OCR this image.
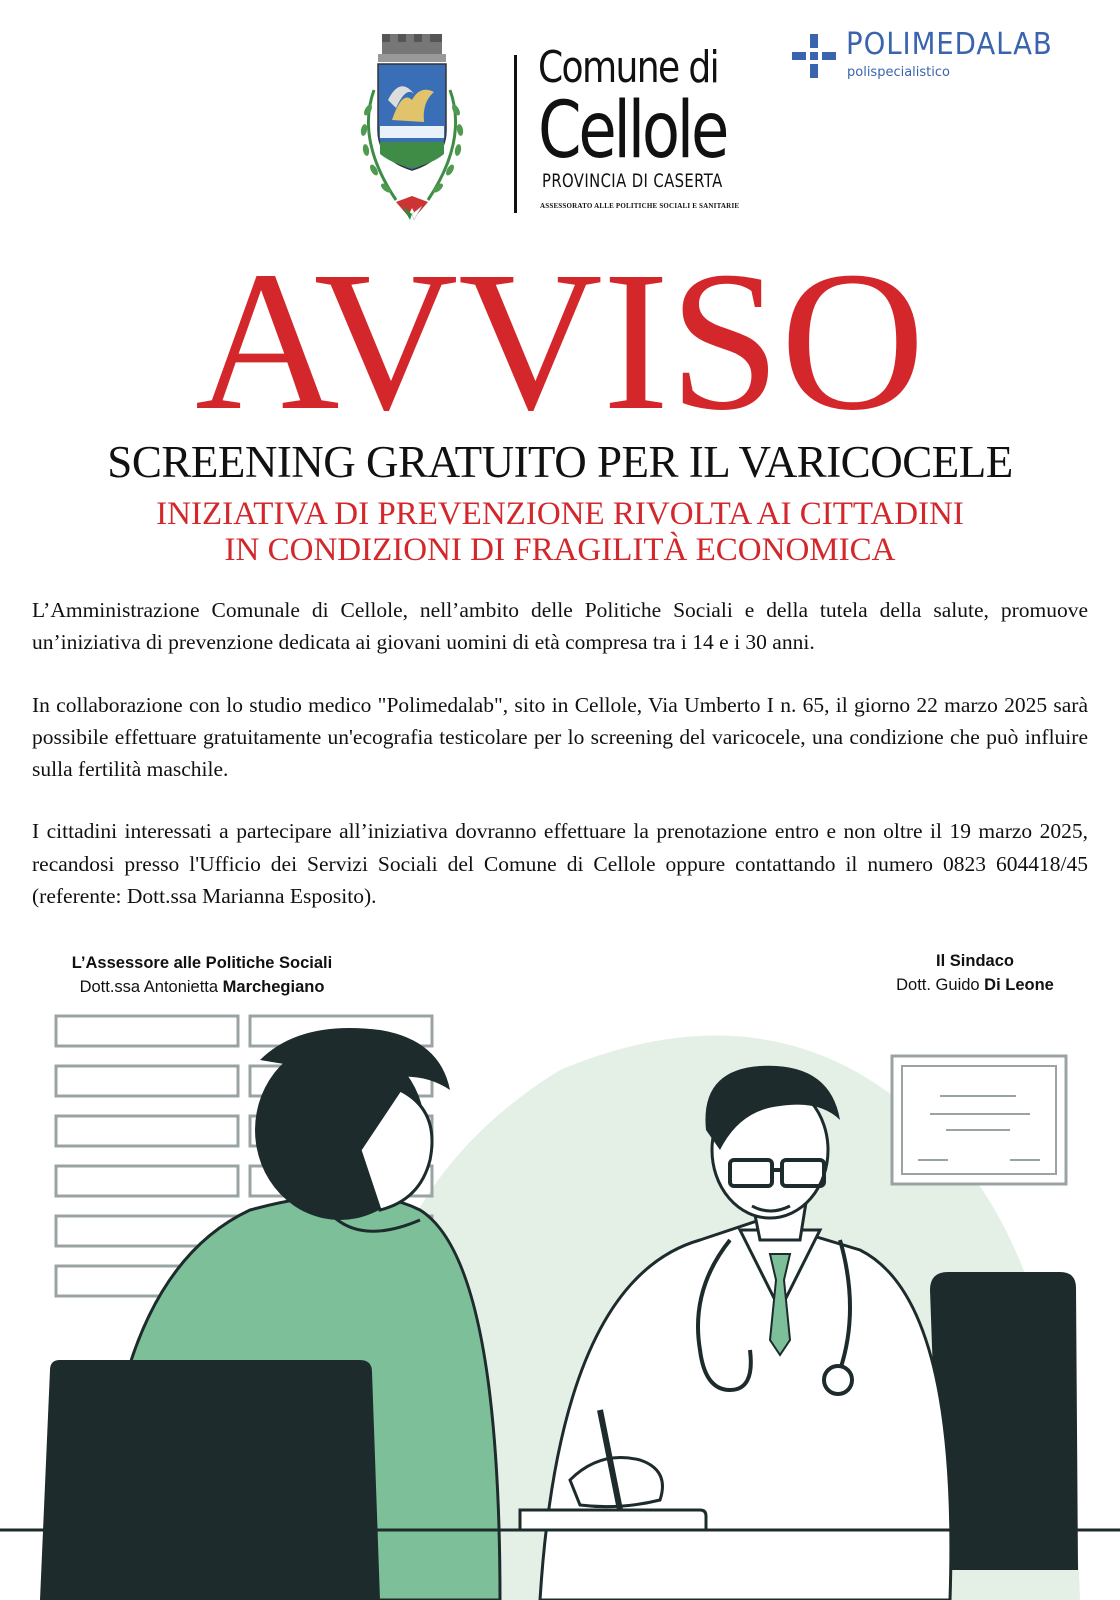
Comune di
Cellole
PROVINCIA DI CASERTA
ASSESSORATO ALLE POLITICHE SOCIALI E SANITARIE
POLIMEDALAB
polispecialistico
AVVISO
SCREENING GRATUITO PER IL VARICOCELE
INIZIATIVA DI PREVENZIONE RIVOLTA AI CITTADINI
IN CONDIZIONI DI FRAGILITÀ ECONOMICA

L’Amministrazione Comunale di Cellole, nell’ambito delle Politiche Sociali e della tutela della salute, promuove un’iniziativa di prevenzione dedicata ai giovani uomini di età compresa tra i 14 e i 30 anni.

In collaborazione con lo studio medico "Polimedalab", sito in Cellole, Via Umberto I n. 65, il giorno 22 marzo 2025 sarà possibile effettuare gratuitamente un'ecografia testicolare per lo screening del varicocele, una condizione che può influire sulla fertilità maschile.

I cittadini interessati a partecipare all’iniziativa dovranno effettuare la prenotazione entro e non oltre il 19 marzo 2025, recandosi presso l'Ufficio dei Servizi Sociali del Comune di Cellole oppure contattando il numero 0823 604418/45 (referente: Dott.ssa Marianna Esposito).

L’Assessore alle Politiche Sociali
Dott.ssa Antonietta Marchegiano
Il Sindaco
Dott. Guido Di Leone
